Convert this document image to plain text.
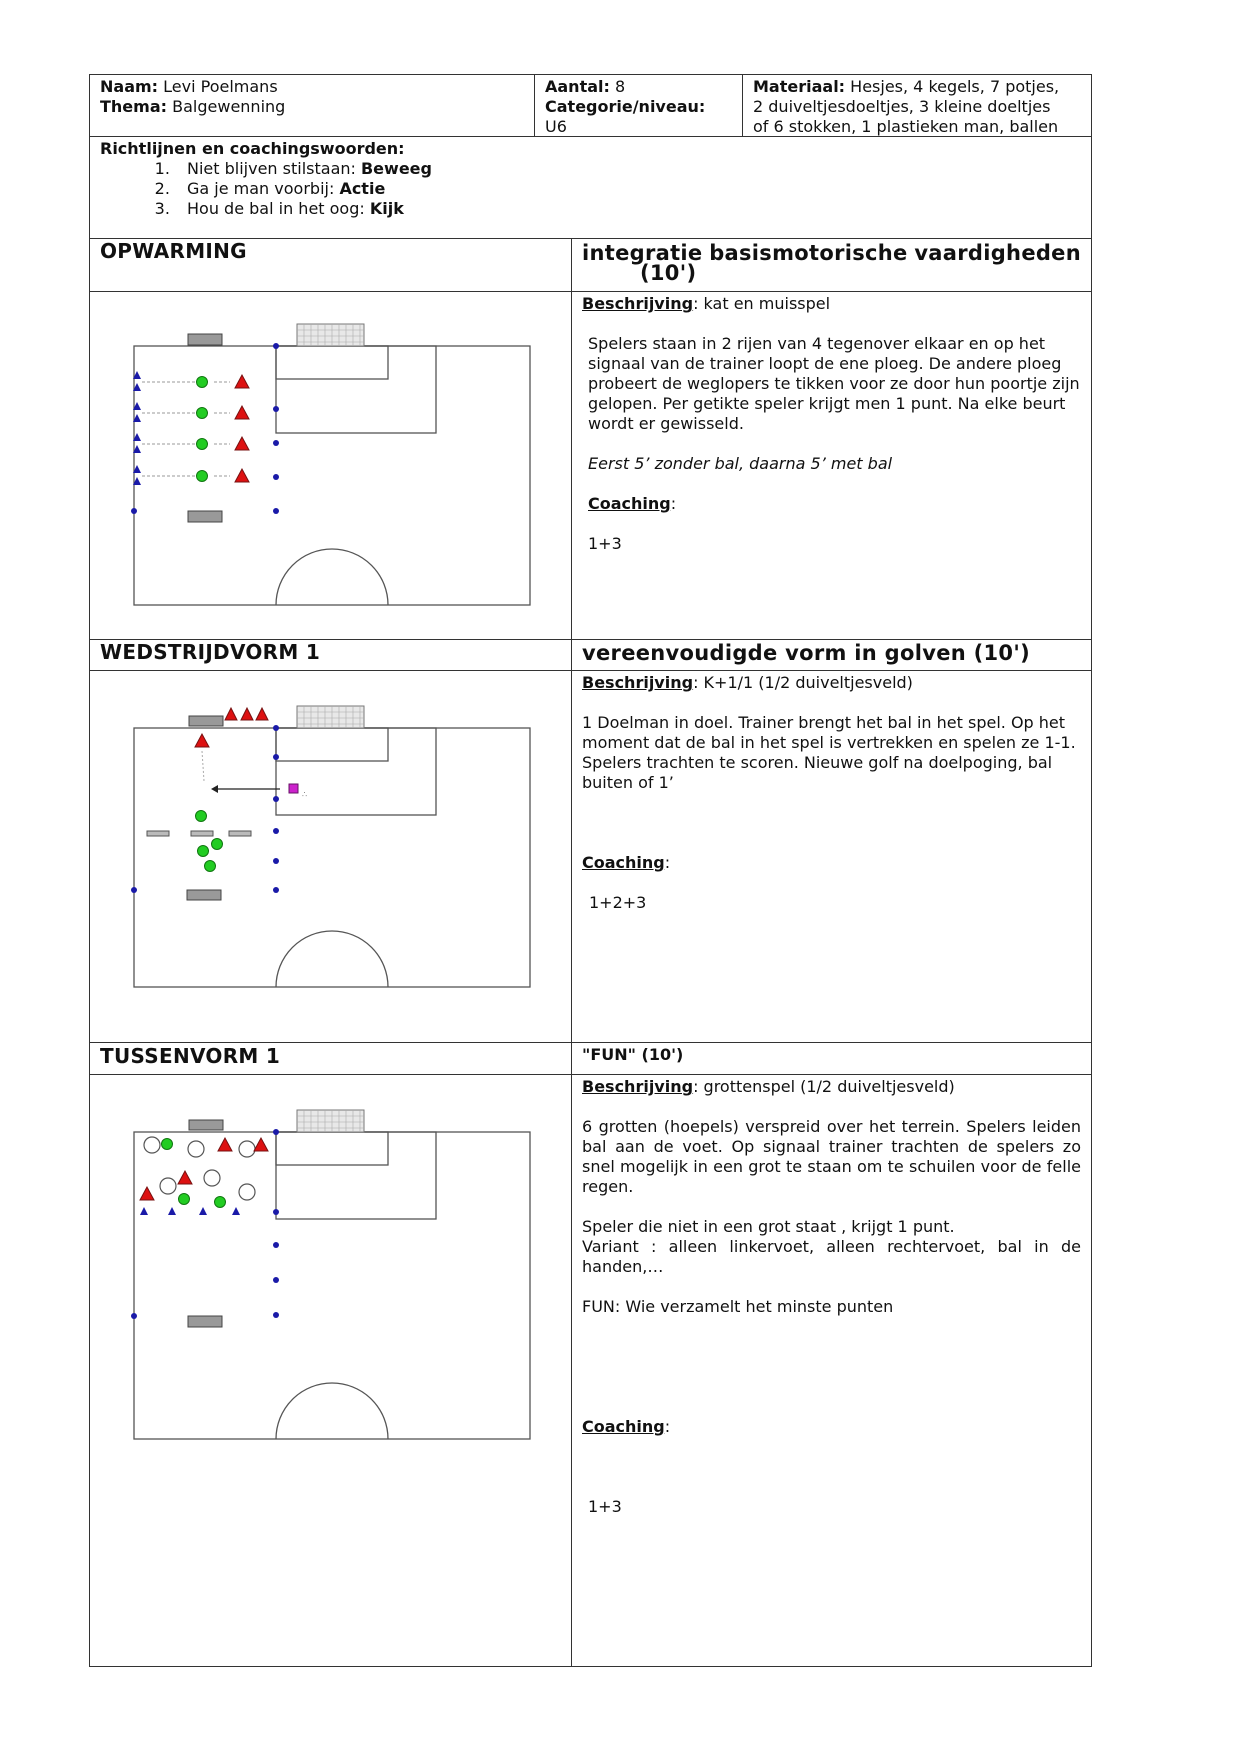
Naam: Levi Poelmans
Thema: Balgewenning
Aantal: 8
Categorie/niveau:
U6
Materiaal: Hesjes, 4 kegels, 7 potjes,
2 duiveltjesdoeltjes, 3 kleine doeltjes
of 6 stokken, 1 plastieken man, ballen
Richtlijnen en coachingswoorden:
1. Niet blijven stilstaan: Beweeg
2. Ga je man voorbij: Actie
3. Hou de bal in het oog: Kijk
OPWARMING	integratie basismotorische vaardigheden
(10')
Beschrijving: kat en muisspel

Spelers staan in 2 rijen van 4 tegenover elkaar en op het signaal van de trainer loopt de ene ploeg. De andere ploeg probeert de weglopers te tikken voor ze door hun poortje zijn gelopen. Per getikte speler krijgt men 1 punt. Na elke beurt wordt er gewisseld.

Eerst 5’ zonder bal, daarna 5’ met bal

Coaching:
1+3
WEDSTRIJDVORM 1	vereenvoudigde vorm in golven (10')
∴
Beschrijving: K+1/1 (1/2 duiveltjesveld)

1 Doelman in doel. Trainer brengt het bal in het spel. Op het moment dat de bal in het spel is vertrekken en spelen ze 1-1. Spelers trachten te scoren. Nieuwe golf na doelpoging, bal buiten of 1’

Coaching:
1+2+3
TUSSENVORM 1	"FUN" (10')
Beschrijving: grottenspel (1/2 duiveltjesveld)

6 grotten (hoepels) verspreid over het terrein. Spelers leiden bal aan de voet. Op signaal trainer trachten de spelers zo snel mogelijk in een grot te staan om te schuilen voor de felle regen.

Speler die niet in een grot staat , krijgt 1 punt.

Variant : alleen linkervoet, alleen rechtervoet, bal in de handen,…

FUN: Wie verzamelt het minste punten

Coaching:
1+3
